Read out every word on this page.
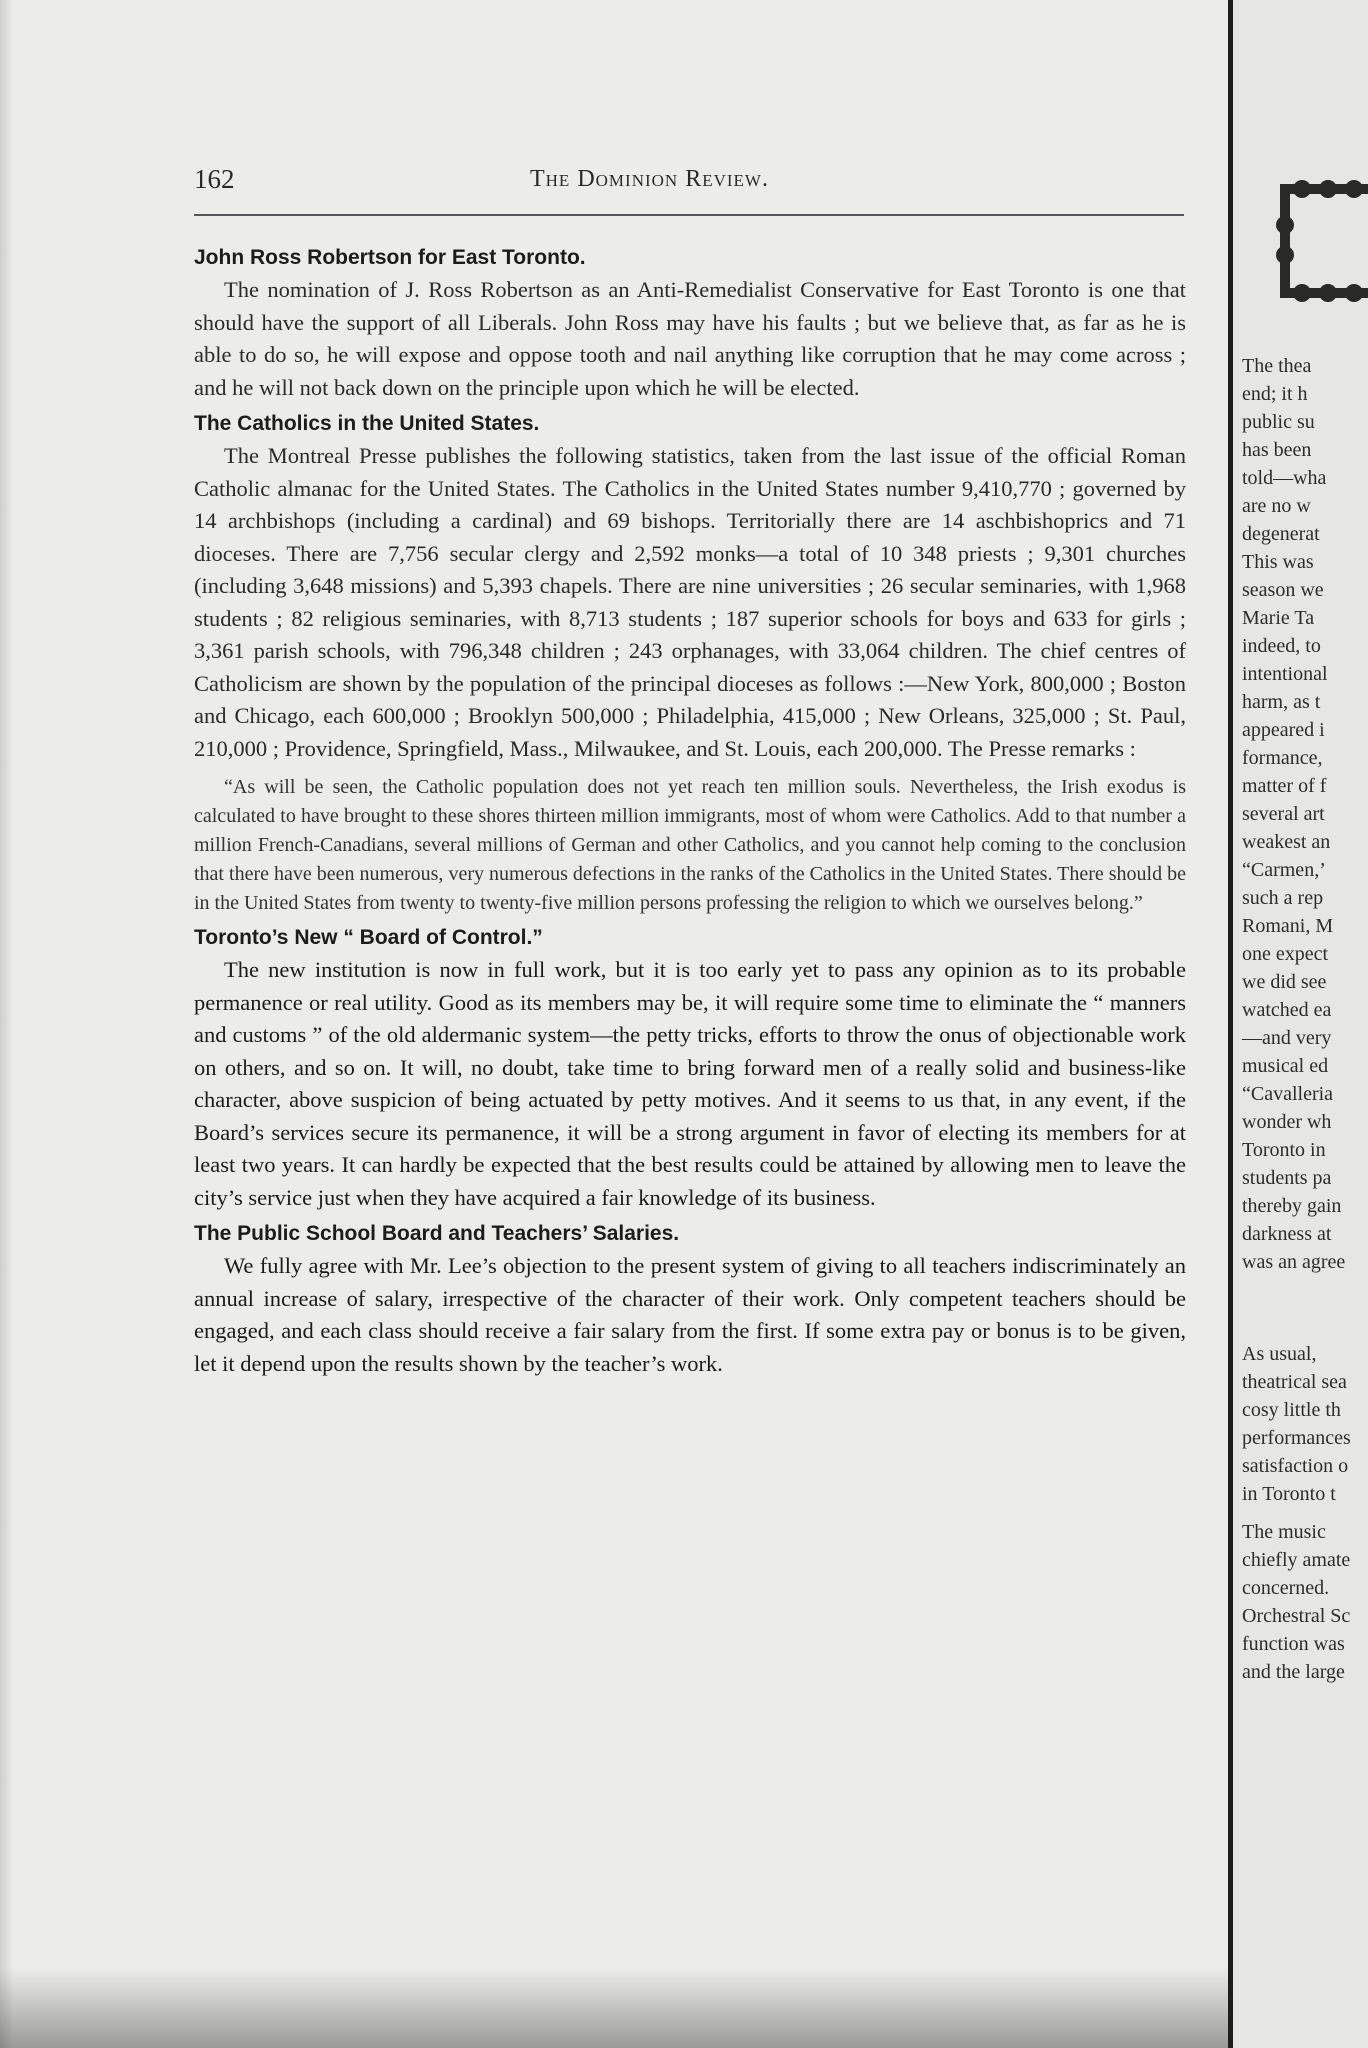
162	The Dominion Review.
John Ross Robertson for East Toronto.

The nomination of J. Ross Robertson as an Anti-Remedialist Conservative for East Toronto is one that should have the support of all Liberals. John Ross may have his faults ; but we believe that, as far as he is able to do so, he will expose and oppose tooth and nail anything like corruption that he may come across ; and he will not back down on the principle upon which he will be elected.

The Catholics in the United States.

The Montreal Presse publishes the following statistics, taken from the last issue of the official Roman Catholic almanac for the United States. The Catholics in the United States number 9,410,770 ; governed by 14 archbishops (including a cardinal) and 69 bishops. Territorially there are 14 aschbishoprics and 71 dioceses. There are 7,756 secular clergy and 2,592 monks—a total of 10 348 priests ; 9,301 churches (including 3,648 missions) and 5,393 chapels. There are nine universities ; 26 secular seminaries, with 1,968 students ; 82 religious seminaries, with 8,713 students ; 187 superior schools for boys and 633 for girls ; 3,361 parish schools, with 796,348 children ; 243 orphanages, with 33,064 children. The chief centres of Catholicism are shown by the population of the principal dioceses as follows :—New York, 800,000 ; Boston and Chicago, each 600,000 ; Brooklyn 500,000 ; Philadelphia, 415,000 ; New Orleans, 325,000 ; St. Paul, 210,000 ; Providence, Springfield, Mass., Milwaukee, and St. Louis, each 200,000. The Presse remarks :

“As will be seen, the Catholic population does not yet reach ten million souls. Nevertheless, the Irish exodus is calculated to have brought to these shores thirteen million immigrants, most of whom were Catholics. Add to that number a million French-Canadians, several millions of German and other Catholics, and you cannot help coming to the conclusion that there have been numerous, very numerous defections in the ranks of the Catholics in the United States. There should be in the United States from twenty to twenty-five million persons professing the religion to which we ourselves belong.”

Toronto’s New “ Board of Control.”

The new institution is now in full work, but it is too early yet to pass any opinion as to its probable permanence or real utility. Good as its members may be, it will require some time to eliminate the “ manners and customs ” of the old aldermanic system—the petty tricks, efforts to throw the onus of objectionable work on others, and so on. It will, no doubt, take time to bring forward men of a really solid and business-like character, above suspicion of being actuated by petty motives. And it seems to us that, in any event, if the Board’s services secure its permanence, it will be a strong argument in favor of electing its members for at least two years. It can hardly be expected that the best results could be attained by allowing men to leave the city’s service just when they have acquired a fair knowledge of its business.

The Public School Board and Teachers’ Salaries.

We fully agree with Mr. Lee’s objection to the present system of giving to all teachers indiscriminately an annual increase of salary, irrespective of the character of their work. Only competent teachers should be engaged, and each class should receive a fair salary from the first. If some extra pay or bonus is to be given, let it depend upon the results shown by the teacher’s work.

The thea
end; it h
public su
has been
told—wha
are no w
degenerat
This was
season we
Marie Ta
indeed, to
intentional
harm, as t
appeared i
formance,
matter of f
several art
weakest an
“Carmen,’
such a rep
Romani, M
one expect
we did see
watched ea
—and very
musical ed
“Cavalleria
wonder wh
Toronto in
students pa
thereby gain
darkness at
was an agree
As usual,
theatrical sea
cosy little th
performances
satisfaction o
in Toronto t
The music
chiefly amate
concerned.
Orchestral Sc
function was
and the large
